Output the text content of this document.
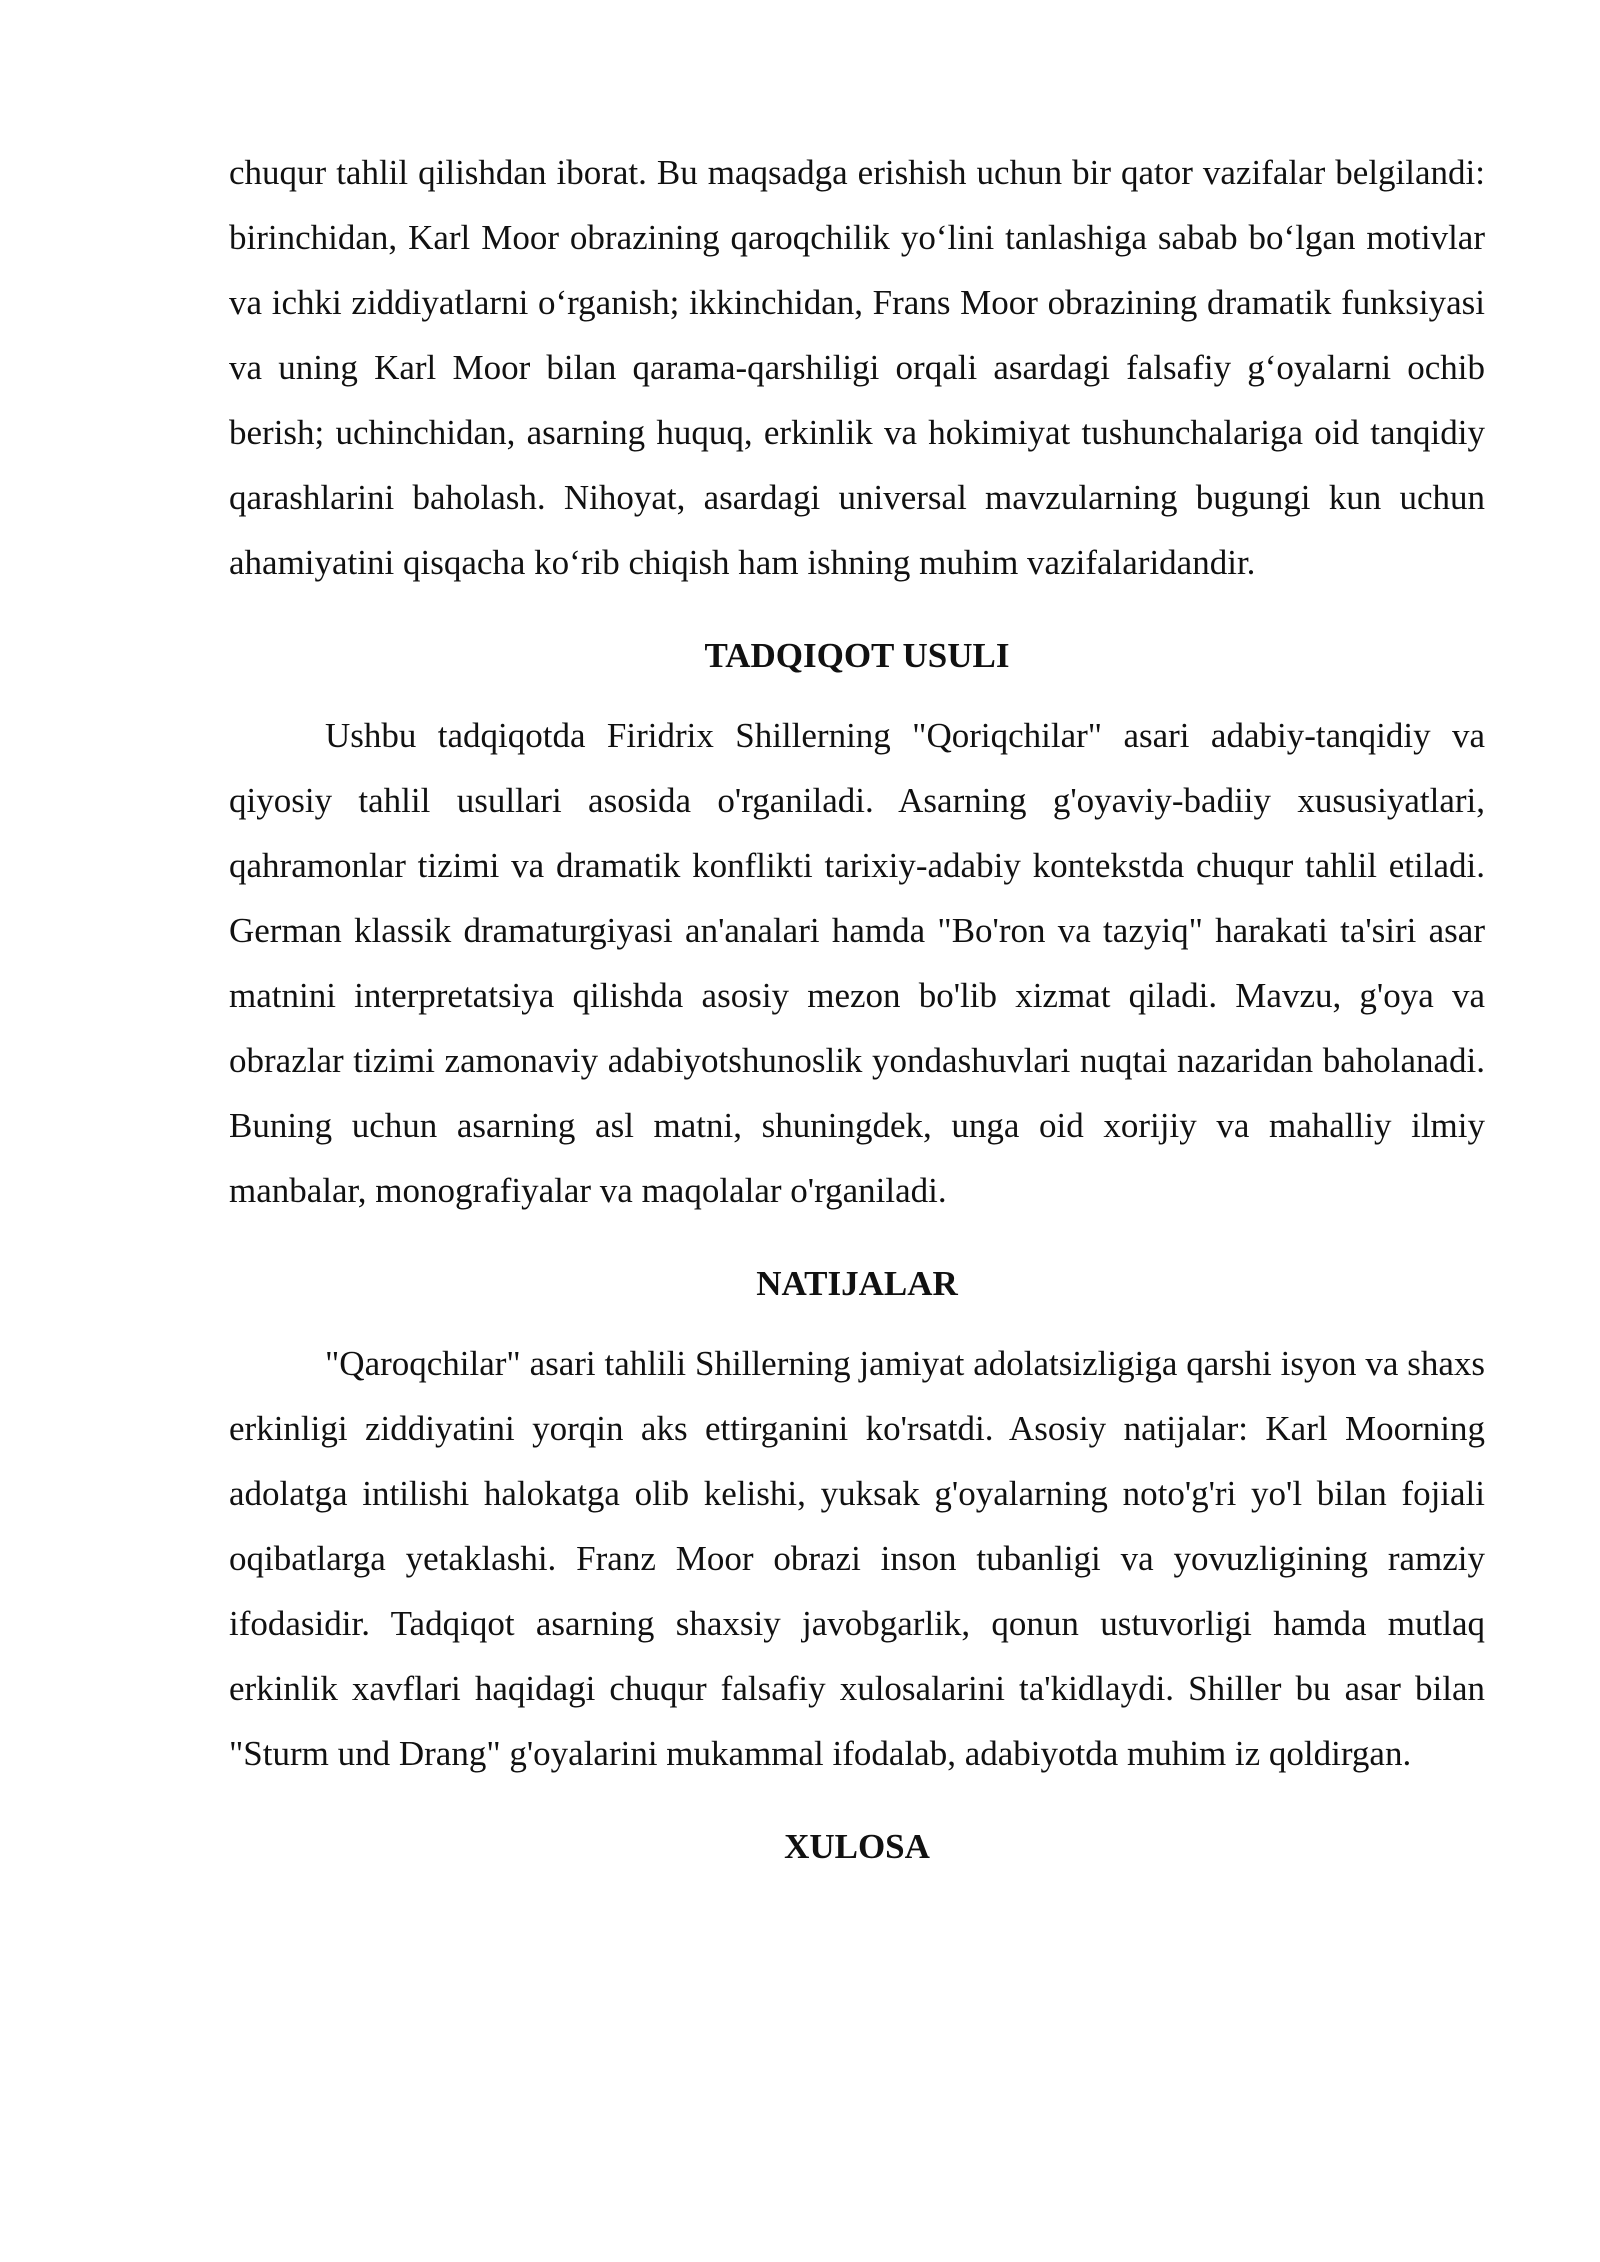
chuqur tahlil qilishdan iborat. Bu maqsadga erishish uchun bir qator vazifalar belgilandi: birinchidan, Karl Moor obrazining qaroqchilik yo‘lini tanlashiga sabab bo‘lgan motivlar va ichki ziddiyatlarni o‘rganish; ikkinchidan, Frans Moor obrazining dramatik funksiyasi va uning Karl Moor bilan qarama-qarshiligi orqali asardagi falsafiy g‘oyalarni ochib berish; uchinchidan, asarning huquq, erkinlik va hokimiyat tushunchalariga oid tanqidiy qarashlarini baholash. Nihoyat, asardagi universal mavzularning bugungi kun uchun ahamiyatini qisqacha ko‘rib chiqish ham ishning muhim vazifalaridandir.

TADQIQOT USULI

Ushbu tadqiqotda Firidrix Shillerning "Qoriqchilar" asari adabiy-tanqidiy va qiyosiy tahlil usullari asosida o'rganiladi. Asarning g'oyaviy-badiiy xususiyatlari, qahramonlar tizimi va dramatik konflikti tarixiy-adabiy kontekstda chuqur tahlil etiladi. German klassik dramaturgiyasi an'analari hamda "Bo'ron va tazyiq" harakati ta'siri asar matnini interpretatsiya qilishda asosiy mezon bo'lib xizmat qiladi. Mavzu, g'oya va obrazlar tizimi zamonaviy adabiyotshunoslik yondashuvlari nuqtai nazaridan baholanadi. Buning uchun asarning asl matni, shuningdek, unga oid xorijiy va mahalliy ilmiy manbalar, monografiyalar va maqolalar o'rganiladi.

NATIJALAR

"Qaroqchilar" asari tahlili Shillerning jamiyat adolatsizligiga qarshi isyon va shaxs erkinligi ziddiyatini yorqin aks ettirganini ko'rsatdi. Asosiy natijalar: Karl Moorning adolatga intilishi halokatga olib kelishi, yuksak g'oyalarning noto'g'ri yo'l bilan fojiali oqibatlarga yetaklashi. Franz Moor obrazi inson tubanligi va yovuzligining ramziy ifodasidir. Tadqiqot asarning shaxsiy javobgarlik, qonun ustuvorligi hamda mutlaq erkinlik xavflari haqidagi chuqur falsafiy xulosalarini ta'kidlaydi. Shiller bu asar bilan "Sturm und Drang" g'oyalarini mukammal ifodalab, adabiyotda muhim iz qoldirgan.

XULOSA
